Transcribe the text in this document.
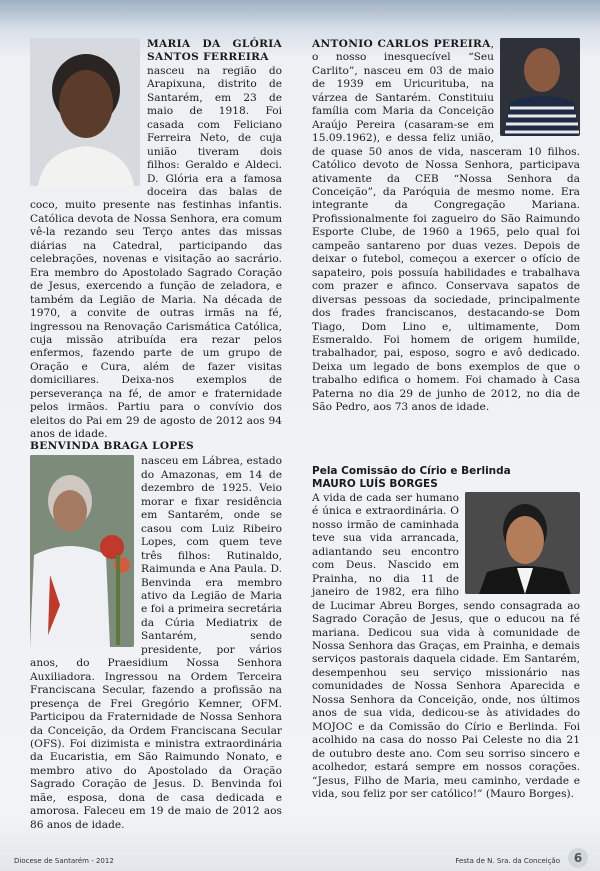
MARIA DA GLÓRIA SANTOS FERREIRA
nasceu na região do Arapixuna, distrito de Santarém, em 23 de maio de 1918. Foi casada com Feliciano Ferreira Neto, de cuja união tiveram dois filhos: Geraldo e Aldeci. D. Glória era a famosa doceira das balas de coco, muito presente nas festinhas infantis. Católica devota de Nossa Senhora, era comum vê-la rezando seu Terço antes das missas diárias na Catedral, participando das celebrações, novenas e visitação ao sacrário. Era membro do Apostolado Sagrado Coração de Jesus, exercendo a função de zeladora, e também da Legião de Maria. Na década de 1970, a convite de outras irmãs na fé, ingressou na Renovação Carismática Católica, cuja missão atribuída era rezar pelos enfermos, fazendo parte de um grupo de Oração e Cura, além de fazer visitas domiciliares. Deixa-nos exemplos de perseverança na fé, de amor e fraternidade pelos irmãos. Partiu para o convívio dos eleitos do Pai em 29 de agosto de 2012 aos 94 anos de idade.
BENVINDA BRAGA LOPES
nasceu em Lábrea, estado do Amazonas, em 14 de dezembro de 1925. Veio morar e fixar residência em Santarém, onde se casou com Luiz Ribeiro Lopes, com quem teve três filhos: Rutinaldo, Raimunda e Ana Paula. D. Benvinda era membro ativo da Legião de Maria e foi a primeira secretária da Cúria Mediatrix de Santarém, sendo presidente, por vários anos, do Praesidium Nossa Senhora Auxiliadora. Ingressou na Ordem Terceira Franciscana Secular, fazendo a profissão na presença de Frei Gregório Kemner, OFM. Participou da Fraternidade de Nossa Senhora da Conceição, da Ordem Franciscana Secular (OFS). Foi dizimista e ministra extraordinária da Eucaristia, em São Raimundo Nonato, e membro ativo do Apostolado da Oração Sagrado Coração de Jesus. D. Benvinda foi mãe, esposa, dona de casa dedicada e amorosa. Faleceu em 19 de maio de 2012 aos 86 anos de idade.
ANTONIO CARLOS PEREIRA, o nosso inesquecível “Seu Carlito”, nasceu em 03 de maio de 1939 em Uricurituba, na várzea de Santarém. Constituiu família com Maria da Conceição Araújo Pereira (casaram-se em 15.09.1962), e dessa feliz união, de quase 50 anos de vida, nasceram 10 filhos. Católico devoto de Nossa Senhora, participava ativamente da CEB “Nossa Senhora da Conceição”, da Paróquia de mesmo nome. Era integrante da Congregação Mariana. Profissionalmente foi zagueiro do São Raimundo Esporte Clube, de 1960 a 1965, pelo qual foi campeão santareno por duas vezes. Depois de deixar o futebol, começou a exercer o ofício de sapateiro, pois possuía habilidades e trabalhava com prazer e afinco. Conservava sapatos de diversas pessoas da sociedade, principalmente dos frades franciscanos, destacando-se Dom Tiago, Dom Lino e, ultimamente, Dom Esmeraldo. Foi homem de origem humilde, trabalhador, pai, esposo, sogro e avô dedicado. Deixa um legado de bons exemplos de que o trabalho edifica o homem. Foi chamado à Casa Paterna no dia 29 de junho de 2012, no dia de São Pedro, aos 73 anos de idade.
Pela Comissão do Círio e Berlinda
MAURO LUÍS BORGES
A vida de cada ser humano é única e extraordinária. O nosso irmão de caminhada teve sua vida arrancada, adiantando seu encontro com Deus. Nascido em Prainha, no dia 11 de janeiro de 1982, era filho de Lucimar Abreu Borges, sendo consagrada ao Sagrado Coração de Jesus, que o educou na fé mariana. Dedicou sua vida à comunidade de Nossa Senhora das Graças, em Prainha, e demais serviços pastorais daquela cidade. Em Santarém, desempenhou seu serviço missionário nas comunidades de Nossa Senhora Aparecida e Nossa Senhora da Conceição, onde, nos últimos anos de sua vida, dedicou-se às atividades do MOJOC e da Comissão do Círio e Berlinda. Foi acolhido na casa do nosso Pai Celeste no dia 21 de outubro deste ano. Com seu sorriso sincero e acolhedor, estará sempre em nossos corações. “Jesus, Filho de Maria, meu caminho, verdade e vida, sou feliz por ser católico!” (Mauro Borges).
Diocese de Santarém - 2012	Festa de N. Sra. da Conceição	6
